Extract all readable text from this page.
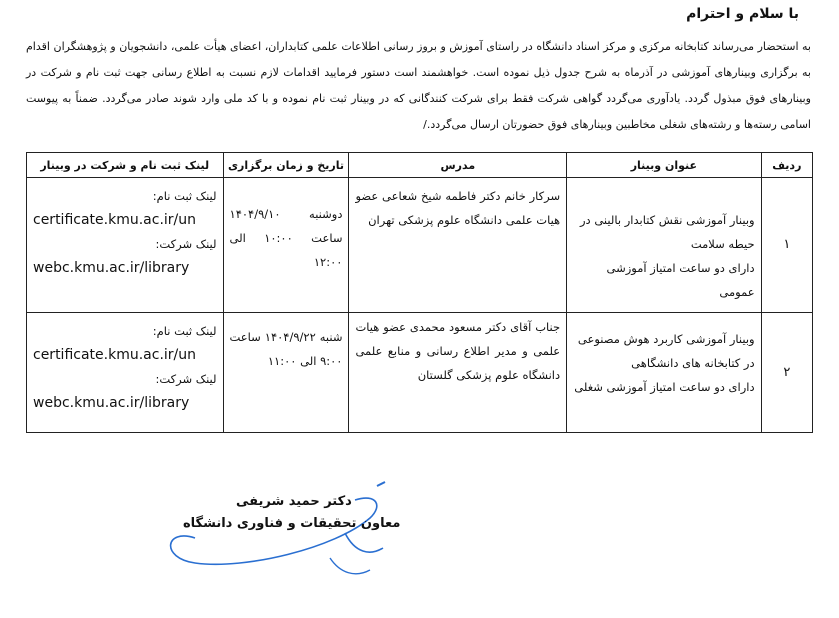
با سلام و احترام

به استحضار می‌رساند کتابخانه مرکزی و مرکز اسناد دانشگاه در راستای آموزش و بروز رسانی اطلاعات علمی کتابداران، اعضای هیأت علمی، دانشجویان و پژوهشگران اقدام به برگزاری وبینارهای آموزشی در آذرماه به شرح جدول ذیل نموده است. خواهشمند است دستور فرمایید اقدامات لازم نسبت به اطلاع رسانی جهت ثبت نام و شرکت در وبینارهای فوق مبذول گردد. یادآوری می‌گردد گواهی شرکت فقط برای شرکت کنندگانی که در وبینار ثبت نام نموده و با کد ملی وارد شوند صادر می‌گردد. ضمناً به پیوست اسامی رسته‌ها و رشته‌های شغلی مخاطبین وبینارهای فوق حضورتان ارسال می‌گردد./

ردیف	عنوان وبینار	مدرس	تاریخ و زمان برگزاری	لینک ثبت نام و شرکت در وبینار
۱	وبینار آموزشی نقش کتابدار بالینی در
حیطه سلامت
دارای دو ساعت امتیاز آموزشی عمومی	سرکار خانم دکتر فاطمه شیخ شعاعی عضو هیات علمی دانشگاه علوم پزشکی تهران	دوشنبه ۱۴۰۴/۹/۱۰ ساعت ۱۰:۰۰ الی ۱۲:۰۰	لینک ثبت نام:
certificate.kmu.ac.ir/un
لینک شرکت:
webc.kmu.ac.ir/library

۲	وبینار آموزشی کاربرد هوش مصنوعی
در کتابخانه های دانشگاهی
دارای دو ساعت امتیاز آموزشی شغلی	جناب آقای دکتر مسعود محمدی عضو هیات علمی و مدیر اطلاع رسانی و منابع علمی دانشگاه علوم پزشکی گلستان	شنبه ۱۴۰۴/۹/۲۲ ساعت ۹:۰۰ الی ۱۱:۰۰	لینک ثبت نام:
certificate.kmu.ac.ir/un
لینک شرکت:
webc.kmu.ac.ir/library
دکتر حمید شریفی
معاون تحقیقات و فناوری دانشگاه
